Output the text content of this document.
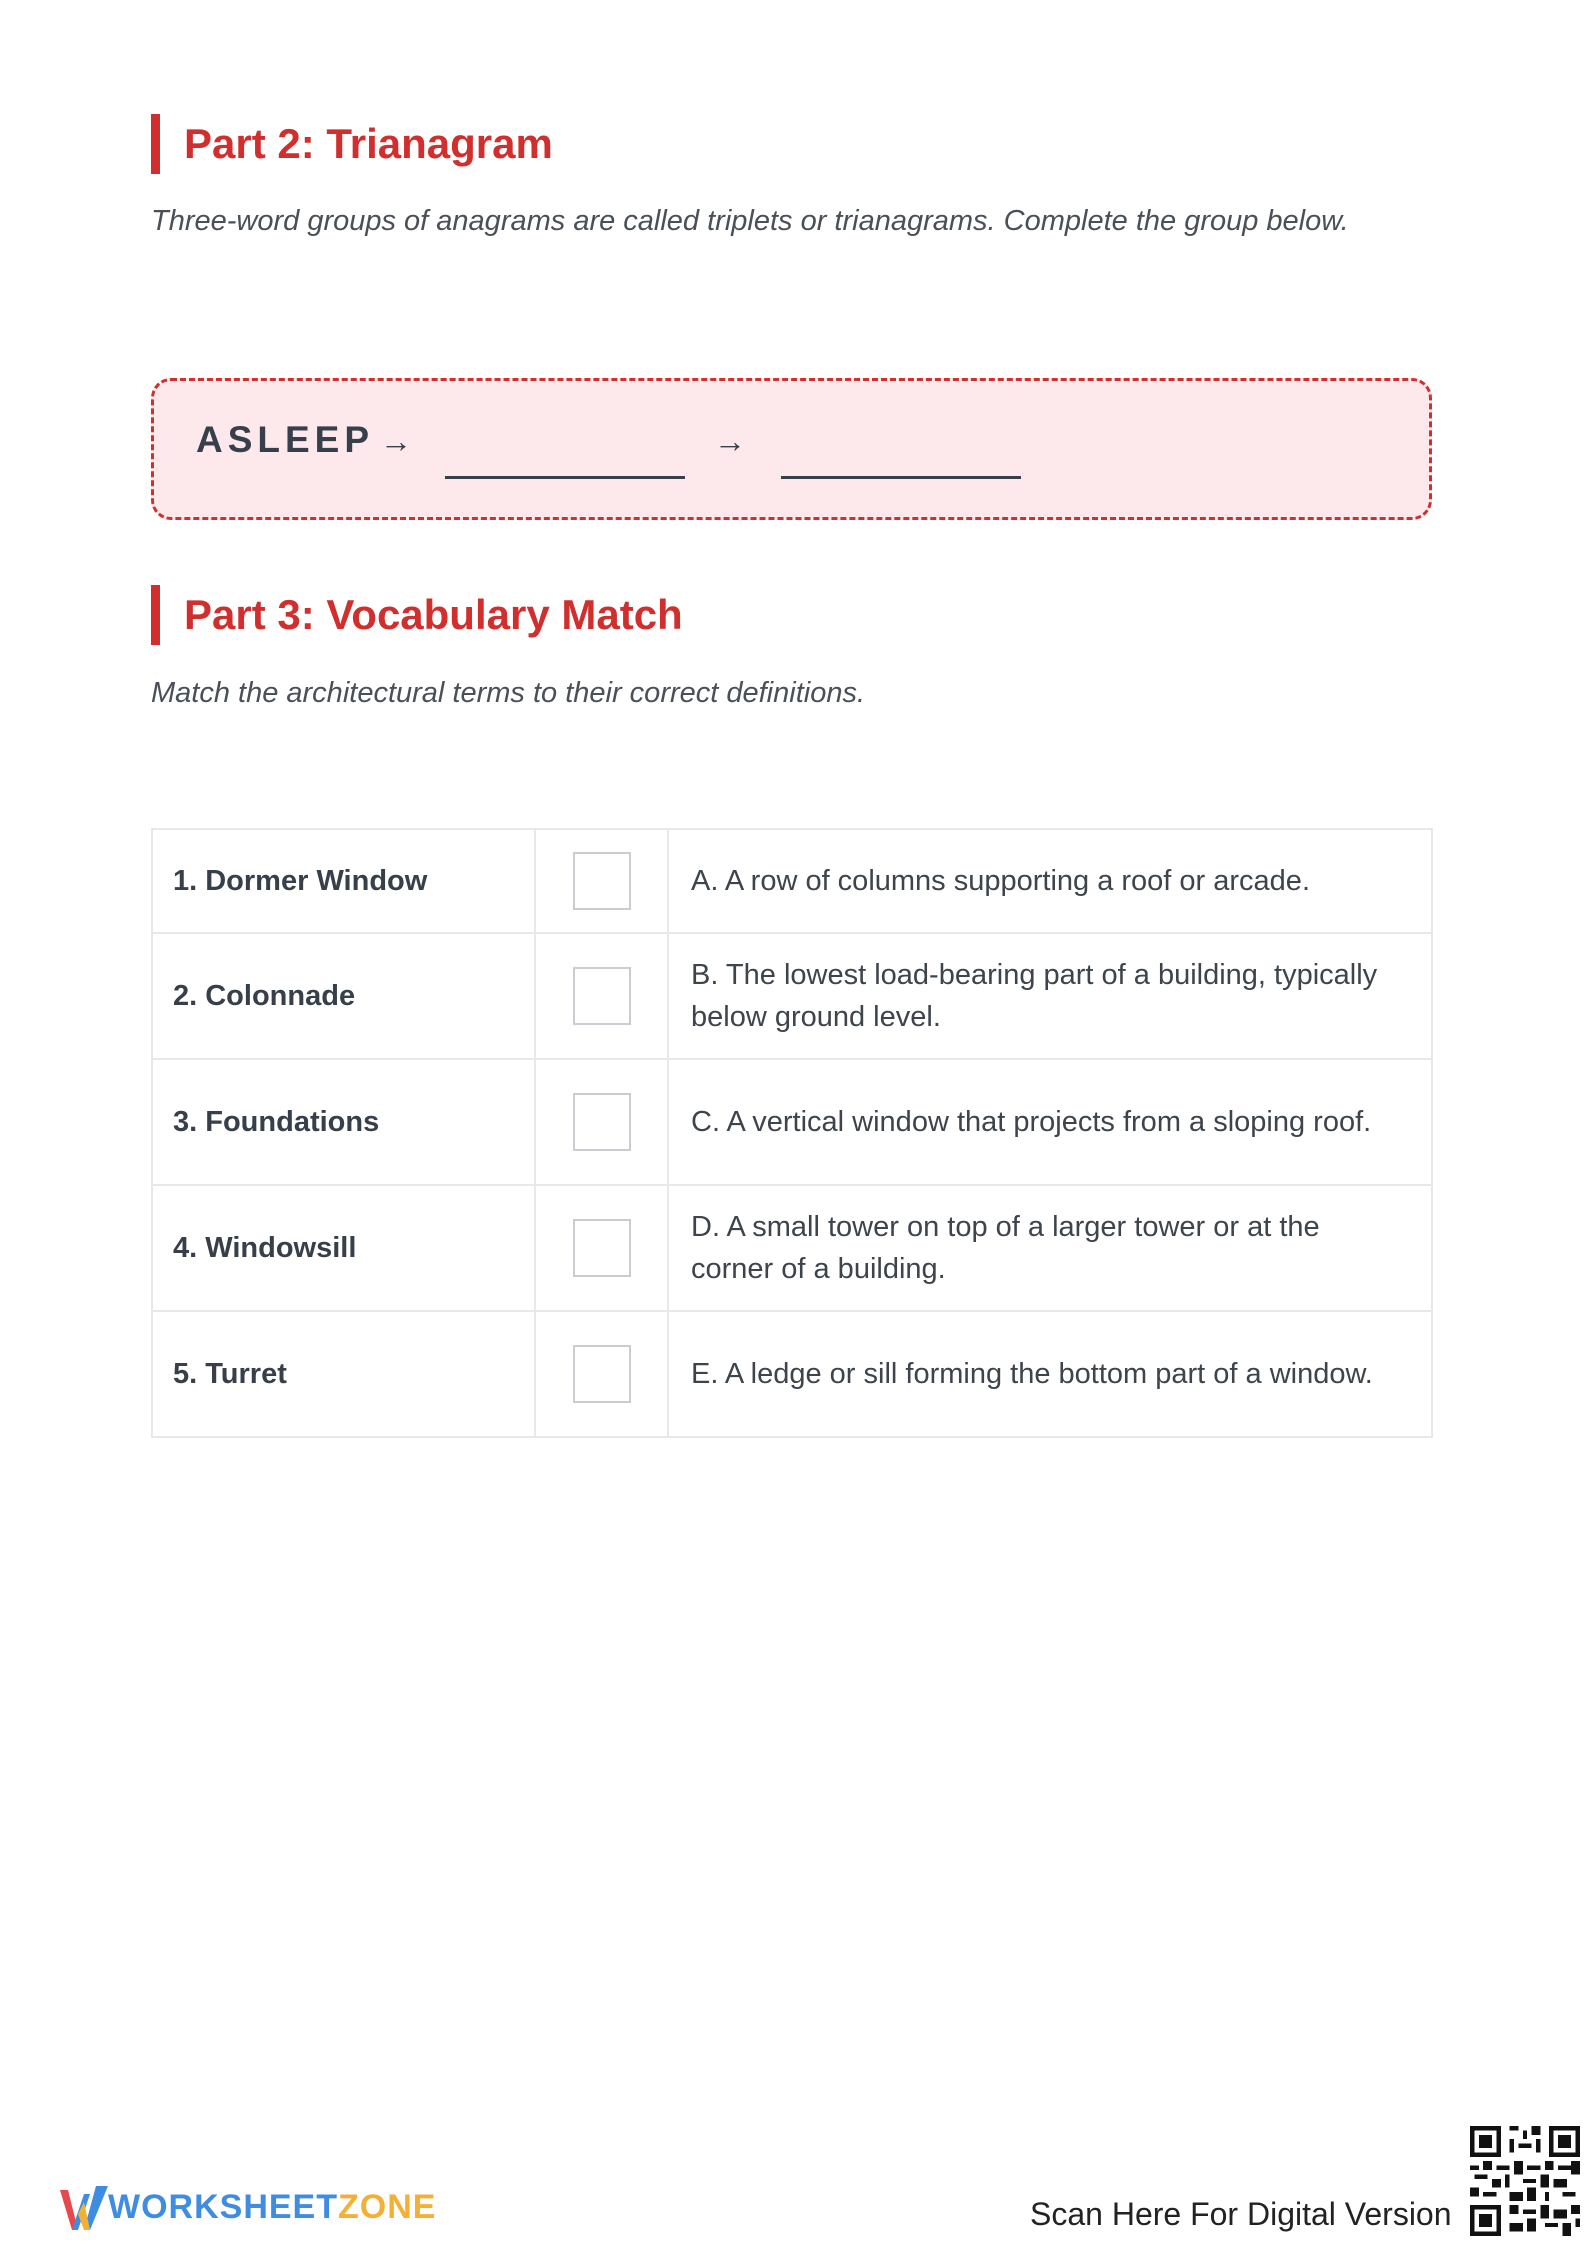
Part 2: Trianagram
Three-word groups of anagrams are called triplets or trianagrams. Complete the group below.
ASLEEP →	→
Part 3: Vocabulary Match
Match the architectural terms to their correct definitions.
1. Dormer Window		A. A row of columns supporting a roof or arcade.
2. Colonnade		B. The lowest load-bearing part of a building, typically below ground level.
3. Foundations		C. A vertical window that projects from a sloping roof.
4. Windowsill		D. A small tower on top of a larger tower or at the corner of a building.
5. Turret		E. A ledge or sill forming the bottom part of a window.
WORKSHEETZONE	Scan Here For Digital Version
